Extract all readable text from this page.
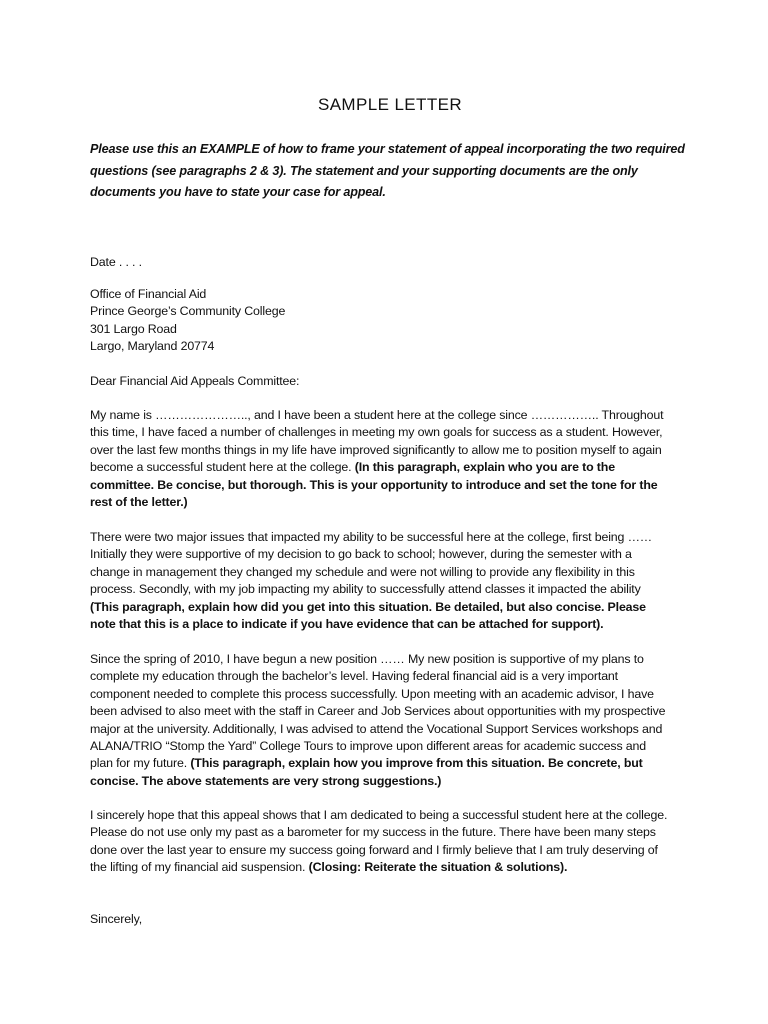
SAMPLE LETTER

Please use this an EXAMPLE of how to frame your statement of appeal incorporating the two required questions (see paragraphs 2 & 3). The statement and your supporting documents are the only documents you have to state your case for appeal.

Date . . . .

Office of Financial Aid
Prince George’s Community College
301 Largo Road
Largo, Maryland 20774

Dear Financial Aid Appeals Committee:

My name is ………………….., and I have been a student here at the college since …………….. Throughout this time, I have faced a number of challenges in meeting my own goals for success as a student. However, over the last few months things in my life have improved significantly to allow me to position myself to again become a successful student here at the college. (In this paragraph, explain who you are to the committee. Be concise, but thorough. This is your opportunity to introduce and set the tone for the rest of the letter.)

There were two major issues that impacted my ability to be successful here at the college, first being …… Initially they were supportive of my decision to go back to school; however, during the semester with a change in management they changed my schedule and were not willing to provide any flexibility in this process. Secondly, with my job impacting my ability to successfully attend classes it impacted the ability (This paragraph, explain how did you get into this situation. Be detailed, but also concise. Please note that this is a place to indicate if you have evidence that can be attached for support).

Since the spring of 2010, I have begun a new position …… My new position is supportive of my plans to complete my education through the bachelor’s level. Having federal financial aid is a very important component needed to complete this process successfully. Upon meeting with an academic advisor, I have been advised to also meet with the staff in Career and Job Services about opportunities with my prospective major at the university. Additionally, I was advised to attend the Vocational Support Services workshops and ALANA/TRIO “Stomp the Yard” College Tours to improve upon different areas for academic success and plan for my future. (This paragraph, explain how you improve from this situation. Be concrete, but concise. The above statements are very strong suggestions.)

I sincerely hope that this appeal shows that I am dedicated to being a successful student here at the college. Please do not use only my past as a barometer for my success in the future. There have been many steps done over the last year to ensure my success going forward and I firmly believe that I am truly deserving of the lifting of my financial aid suspension. (Closing: Reiterate the situation & solutions).

Sincerely,
